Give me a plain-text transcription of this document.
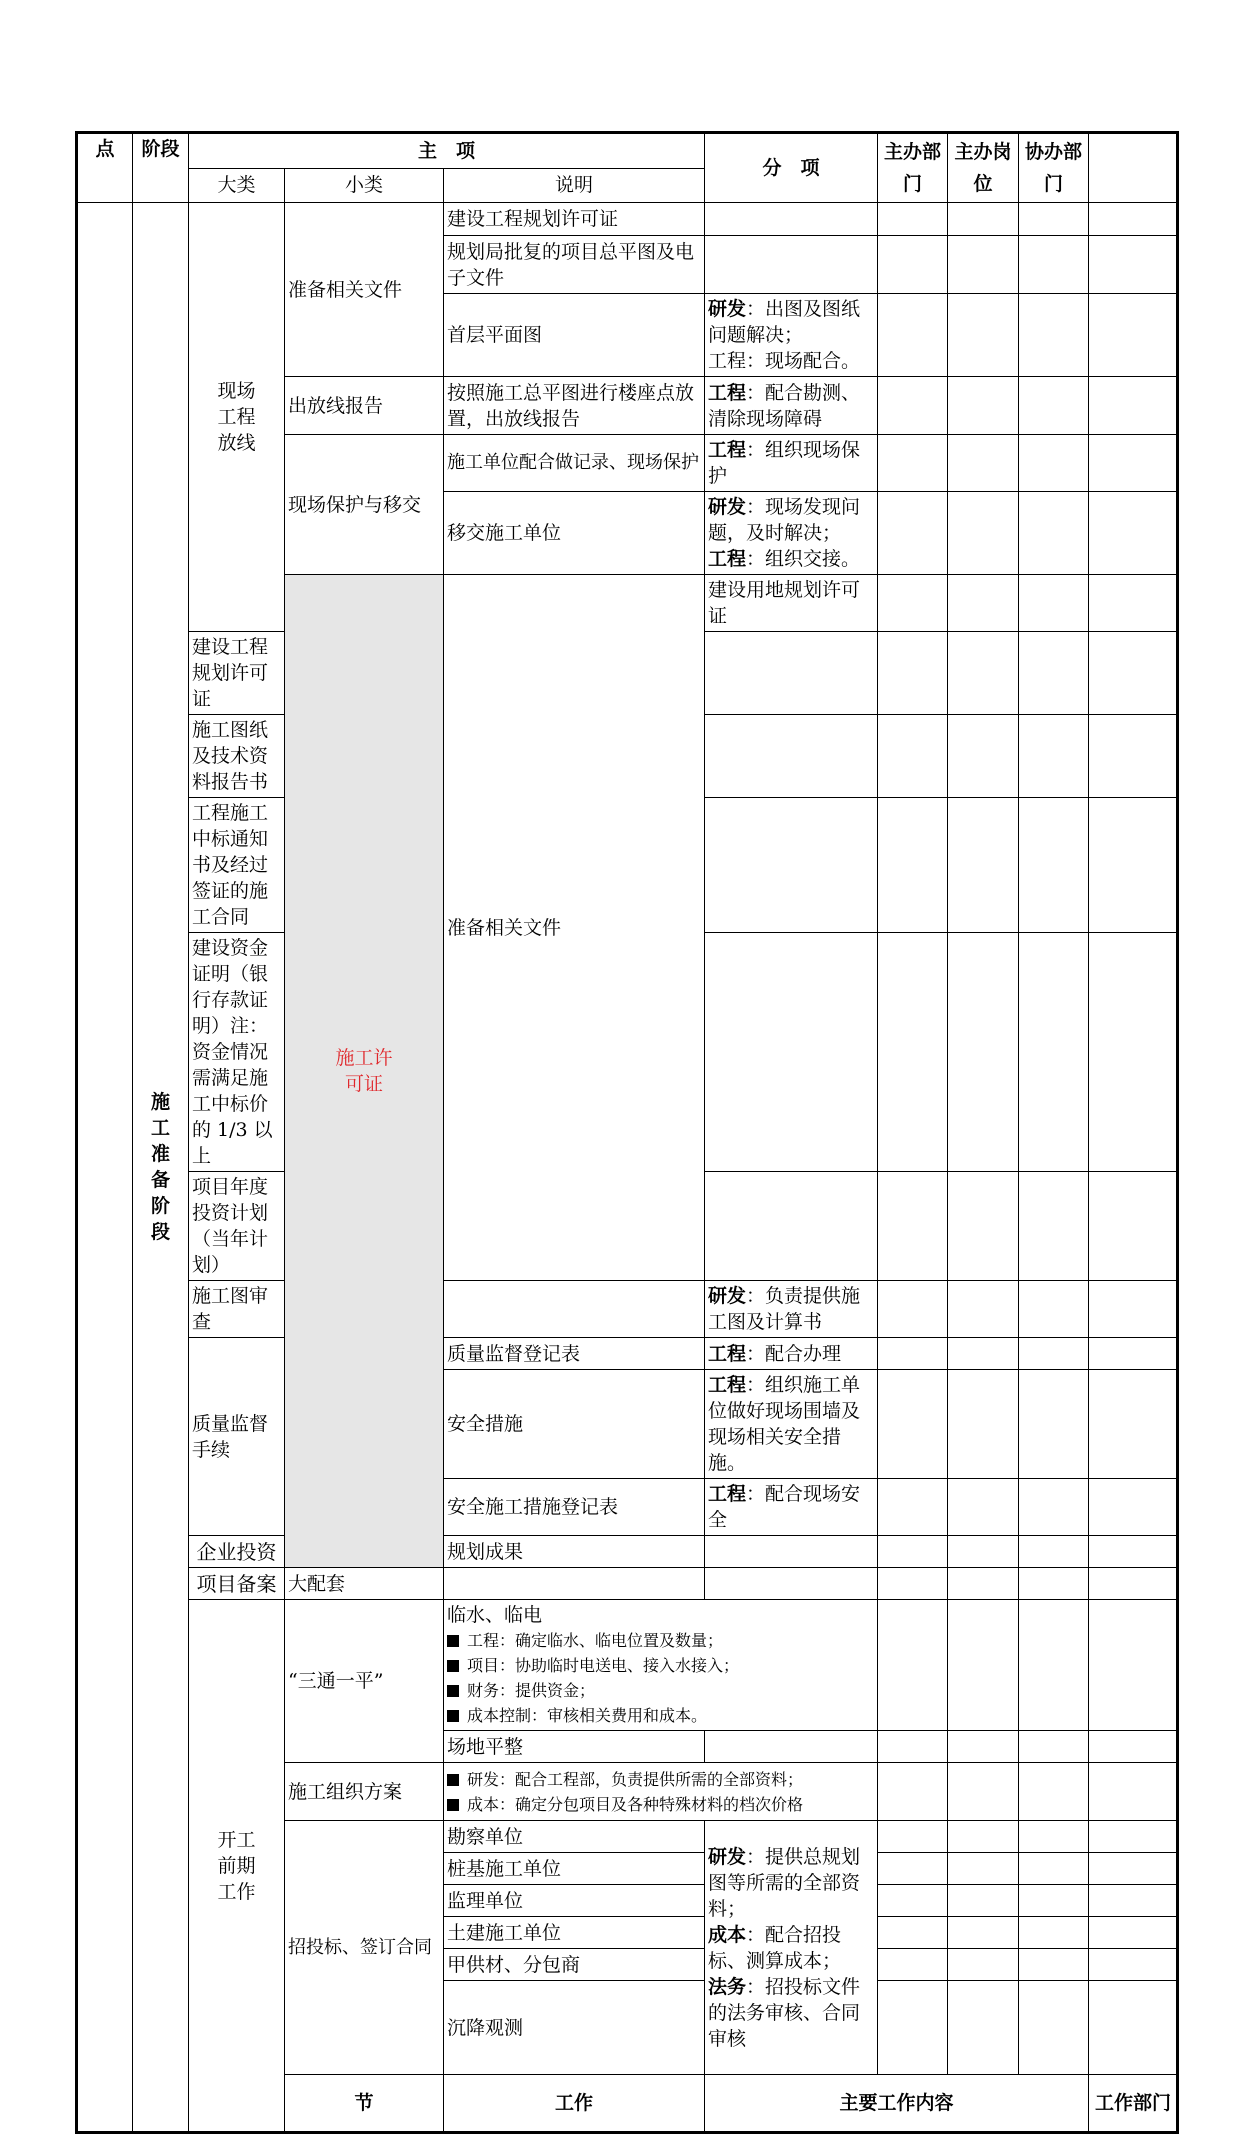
点	阶段	主　项			分　项	主办部门	主办岗位	协办部门		
		大类	小类	说明						
	施工准备阶段	现场工程放线	准备相关文件	建设工程规划许可证						
				规划局批复的项目总平图及电子文件						
				首层平面图	研发：出图及图纸问题解决；
工程：现场配合。					
			出放线报告	按照施工总平图进行楼座点放置，出放线报告	工程：配合勘测、清除现场障碍					
			现场保护与移交	施工单位配合做记录、现场保护	工程：组织现场保护					
				移交施工单位	研发：现场发现问题，及时解决；
工程：组织交接。					
			施工许可证	准备相关文件	建设用地规划许可证					
		建设工程规划许可证								
		施工图纸及技术资料报告书								
		工程施工中标通知书及经过签证的施工合同								
		建设资金证明（银行存款证明）注：资金情况需满足施工中标价的 1/3 以上								
		项目年度投资计划（当年计划）								
		施工图审查			研发：负责提供施工图及计算书					
		质量监督手续		质量监督登记表	工程：配合办理					
				安全措施	工程：组织施工单位做好现场围墙及现场相关安全措施。					
				安全施工措施登记表	工程：配合现场安全					
		企业投资		规划成果						
		项目备案	大配套							
		开工前期工作	“三通一平”	临水、临电
工程：确定临水、临电位置及数量；
项目：协助临时电送电、接入水接入；
财务：提供资金；
成本控制：审核相关费用和成本。						

				场地平整						
			施工组织方案	研发：配合工程部，负责提供所需的全部资料；
成本：确定分包项目及各种特殊材料的档次价格						

			招投标、签订合同	勘察单位	研发：提供总规划图等所需的全部资料；
成本：配合招投标、测算成本；
法务：招投标文件的法务审核、合同审核					
				桩基施工单位						
				监理单位						
				土建施工单位						
				甲供材、分包商						
				沉降观测						
			节	工作	主要工作内容				工作部门	
